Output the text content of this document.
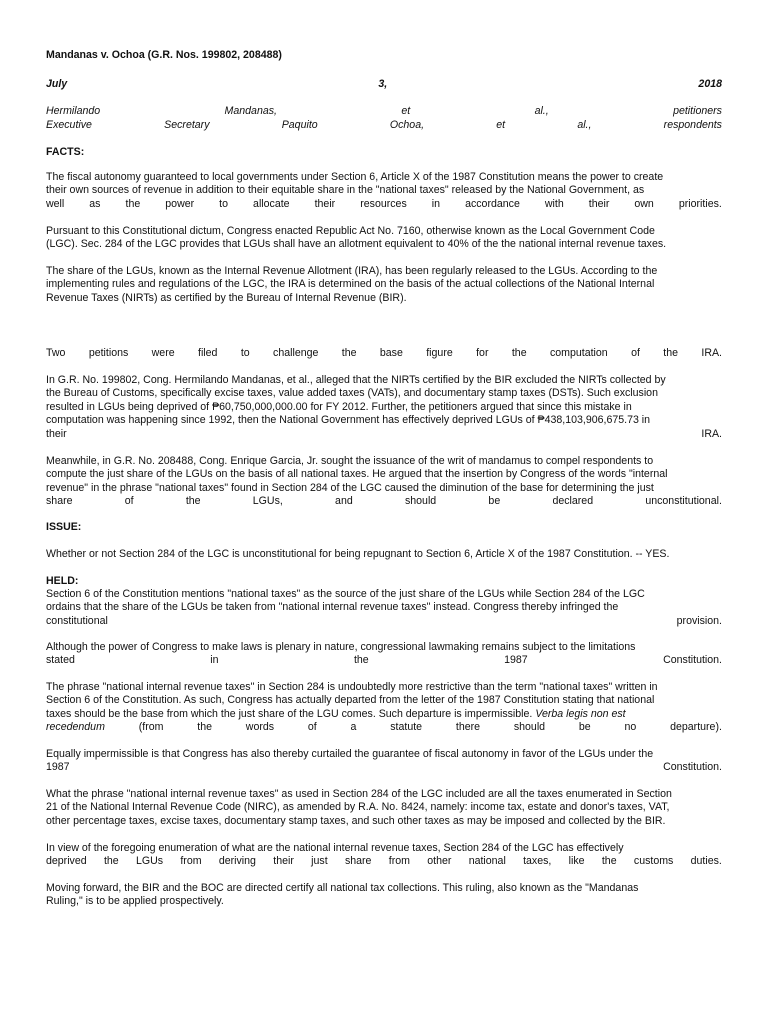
Mandanas v. Ochoa (G.R. Nos. 199802, 208488)
July	3,	2018
Hermilando	Mandanas,	et	al.,	petitioners
Executive	Secretary	Paquito	Ochoa,	et	al.,	respondents
FACTS:
The fiscal autonomy guaranteed to local governments under Section 6, Article X of the 1987 Constitution means the power to create
their own sources of revenue in addition to their equitable share in the "national taxes" released by the National Government, as
well as the power to allocate their resources in accordance with their own priorities.
Pursuant to this Constitutional dictum, Congress enacted Republic Act No. 7160, otherwise known as the Local Government Code
(LGC). Sec. 284 of the LGC provides that LGUs shall have an allotment equivalent to 40% of the the national internal revenue taxes.
The share of the LGUs, known as the Internal Revenue Allotment (IRA), has been regularly released to the LGUs. According to the
implementing rules and regulations of the LGC, the IRA is determined on the basis of the actual collections of the National Internal
Revenue Taxes (NIRTs) as certified by the Bureau of Internal Revenue (BIR).
Two petitions were filed to challenge the base figure for the computation of the IRA.
In G.R. No. 199802, Cong. Hermilando Mandanas, et al., alleged that the NIRTs certified by the BIR excluded the NIRTs collected by
the Bureau of Customs, specifically excise taxes, value added taxes (VATs), and documentary stamp taxes (DSTs). Such exclusion
resulted in LGUs being deprived of ₱60,750,000,000.00 for FY 2012. Further, the petitioners argued that since this mistake in
computation was happening since 1992, then the National Government has effectively deprived LGUs of ₱438,103,906,675.73 in
their	IRA.
Meanwhile, in G.R. No. 208488, Cong. Enrique Garcia, Jr. sought the issuance of the writ of mandamus to compel respondents to
compute the just share of the LGUs on the basis of all national taxes. He argued that the insertion by Congress of the words "internal
revenue" in the phrase "national taxes" found in Section 284 of the LGC caused the diminution of the base for determining the just
share	of	the	LGUs,	and	should	be	declared	unconstitutional.
ISSUE:
Whether or not Section 284 of the LGC is unconstitutional for being repugnant to Section 6, Article X of the 1987 Constitution. -- YES.
HELD:
Section 6 of the Constitution mentions "national taxes" as the source of the just share of the LGUs while Section 284 of the LGC
ordains that the share of the LGUs be taken from "national internal revenue taxes" instead. Congress thereby infringed the
constitutional	provision.
Although the power of Congress to make laws is plenary in nature, congressional lawmaking remains subject to the limitations
stated	in	the	1987	Constitution.
The phrase "national internal revenue taxes" in Section 284 is undoubtedly more restrictive than the term "national taxes" written in
Section 6 of the Constitution. As such, Congress has actually departed from the letter of the 1987 Constitution stating that national
taxes should be the base from which the just share of the LGU comes. Such departure is impermissible. Verba legis non est
recedendum	(from	the	words	of	a	statute	there	should	be	no	departure).
Equally impermissible is that Congress has also thereby curtailed the guarantee of fiscal autonomy in favor of the LGUs under the
1987	Constitution.
What the phrase "national internal revenue taxes" as used in Section 284 of the LGC included are all the taxes enumerated in Section
21 of the National Internal Revenue Code (NIRC), as amended by R.A. No. 8424, namely: income tax, estate and donor's taxes, VAT,
other percentage taxes, excise taxes, documentary stamp taxes, and such other taxes as may be imposed and collected by the BIR.
In view of the foregoing enumeration of what are the national internal revenue taxes, Section 284 of the LGC has effectively
deprived the LGUs from deriving their just share from other national taxes, like the customs duties.
Moving forward, the BIR and the BOC are directed certify all national tax collections. This ruling, also known as the "Mandanas
Ruling," is to be applied prospectively.
